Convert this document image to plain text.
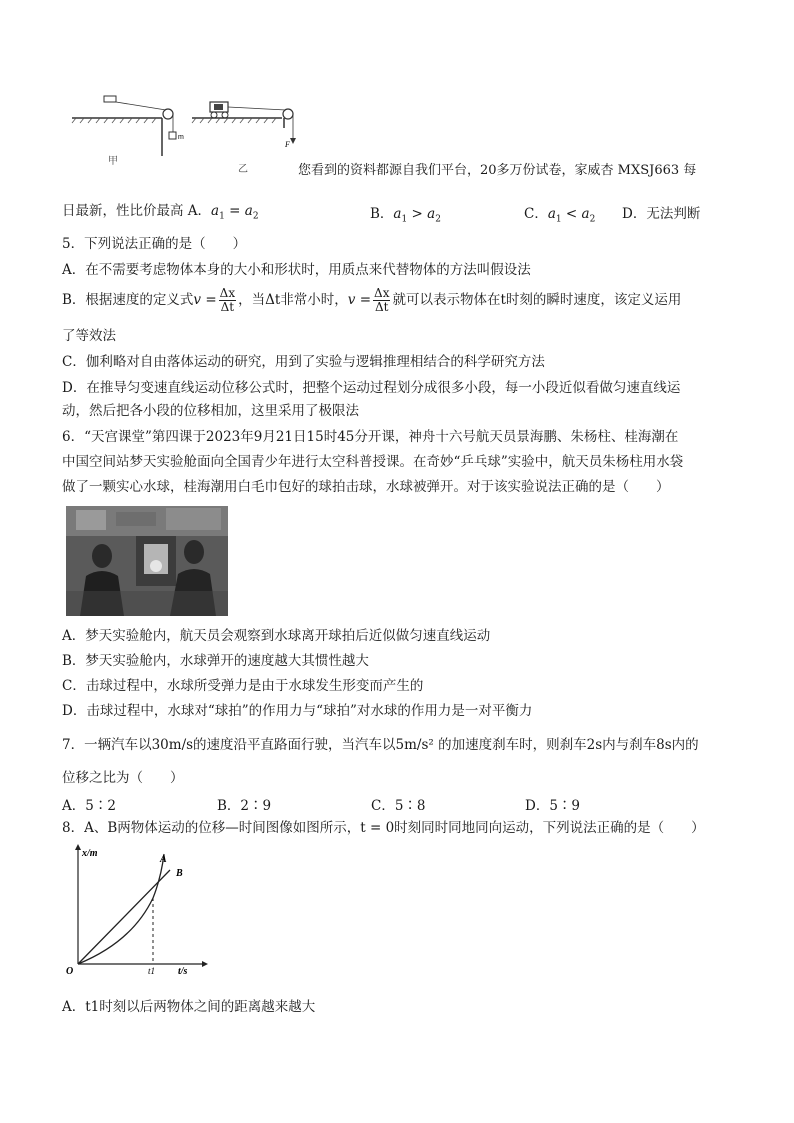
m
甲
F
乙	您看到的资料都源自我们平台，20多万份试卷，家威杏 MXSJ663 每
日最新，性比价最高 A．$a_1 = a_2$	B．$a_1 > a_2$	C．$a_1 < a_2$ D．无法判断
5．下列说法正确的是（　　）
A．在不需要考虑物体本身的大小和形状时，用质点来代替物体的方法叫假设法
B．根据速度的定义式$v = \frac{\Delta x}{\Delta t}$ ，当Δt非常小时，$v = \frac{\Delta x}{\Delta t}$ 就可以表示物体在t时刻的瞬时速度，该定义运用
了等效法
C．伽利略对自由落体运动的研究，用到了实验与逻辑推理相结合的科学研究方法
D．在推导匀变速直线运动位移公式时，把整个运动过程划分成很多小段，每一小段近似看做匀速直线运
动，然后把各小段的位移相加，这里采用了极限法
6．“天宫课堂”第四课于2023年9月21日15时45分开课，神舟十六号航天员景海鹏、朱杨柱、桂海潮在
中国空间站梦天实验舱面向全国青少年进行太空科普授课。在奇妙“乒乓球”实验中，航天员朱杨柱用水袋
做了一颗实心水球，桂海潮用白毛巾包好的球拍击球，水球被弹开。对于该实验说法正确的是（　　）
A．梦天实验舱内，航天员会观察到水球离开球拍后近似做匀速直线运动
B．梦天实验舱内，水球弹开的速度越大其惯性越大
C．击球过程中，水球所受弹力是由于水球发生形变而产生的
D．击球过程中，水球对“球拍”的作用力与“球拍”对水球的作用力是一对平衡力
7．一辆汽车以30m/s的速度沿平直路面行驶，当汽车以5m/s² 的加速度刹车时，则刹车2s内与刹车8s内的
位移之比为（　　）
A．5∶2	B．2∶9	C．5∶8	D．5∶9
8．A、B两物体运动的位移—时间图像如图所示，t = 0时刻同时同地同向运动，下列说法正确的是（　　）
x/m
t/s
O	t1
A
B
A．t1时刻以后两物体之间的距离越来越大
